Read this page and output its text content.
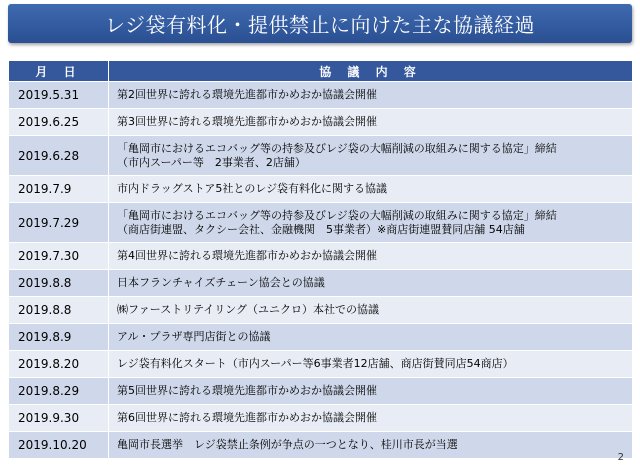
レジ袋有料化・提供禁止に向けた主な協議経過
月 日	協 議 内 容
2019.5.31	第2回世界に誇れる環境先進都市かめおか協議会開催

2019.6.25	第3回世界に誇れる環境先進都市かめおか協議会開催

2019.6.28	「亀岡市におけるエコバッグ等の持参及びレジ袋の大幅削減の取組みに関する協定」締結
（市内スーパー等　2事業者、2店舗）

2019.7.9	市内ドラッグストア5社とのレジ袋有料化に関する協議

2019.7.29	「亀岡市におけるエコバッグ等の持参及びレジ袋の大幅削減の取組みに関する協定」締結
（商店街連盟、タクシー会社、金融機関　5事業者）※商店街連盟賛同店舗 54店舗

2019.7.30	第4回世界に誇れる環境先進都市かめおか協議会開催

2019.8.8	日本フランチャイズチェーン協会との協議

2019.8.8	㈱ファーストリテイリング（ユニクロ）本社での協議

2019.8.9	アル・プラザ専門店街との協議

2019.8.20	レジ袋有料化スタート（市内スーパー等6事業者12店舗、商店街賛同店54商店）

2019.8.29	第5回世界に誇れる環境先進都市かめおか協議会開催

2019.9.30	第6回世界に誇れる環境先進都市かめおか協議会開催

2019.10.20	亀岡市長選挙　レジ袋禁止条例が争点の一つとなり、桂川市長が当選
2
